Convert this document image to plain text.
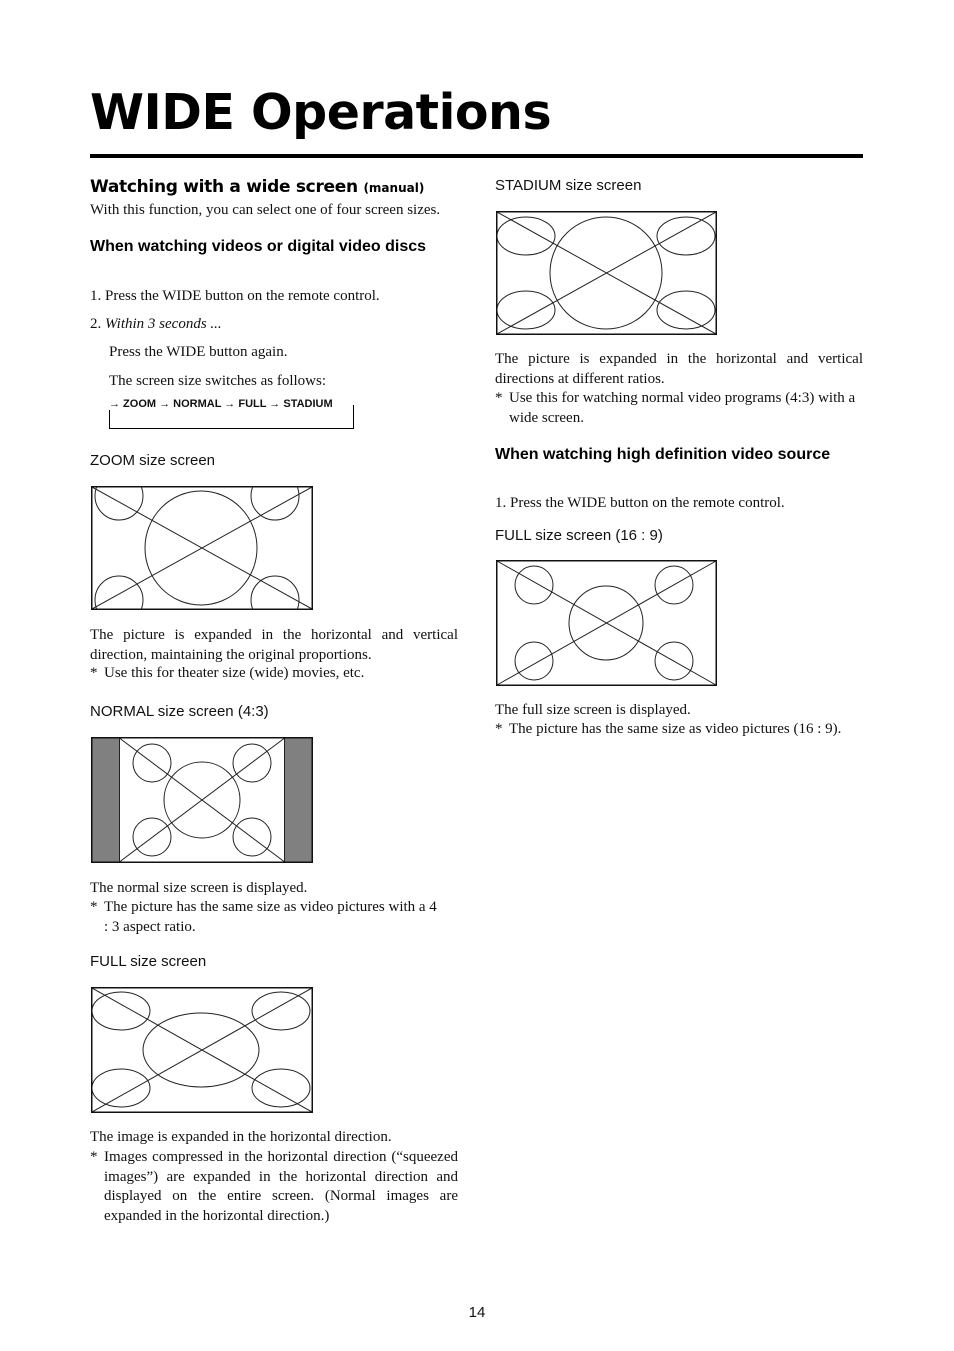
WIDE Operations
Watching with a wide screen (manual)
With this function, you can select one of four screen sizes.
When watching videos or digital video discs
1. Press the WIDE button on the remote control.
2. Within 3 seconds ...
Press the WIDE button again.
The screen size switches as follows:
→ ZOOM → NORMAL → FULL → STADIUM
ZOOM size screen
The picture is expanded in the horizontal and vertical direction, maintaining the original proportions.
* Use this for theater size (wide) movies, etc.
NORMAL size screen (4:3)
The normal size screen is displayed.
* The picture has the same size as video pictures with a 4 : 3 aspect ratio.
FULL size screen
The image is expanded in the horizontal direction.
* Images compressed in the horizontal direction (“squeezed images”) are expanded in the horizontal direction and displayed on the entire screen. (Normal images are expanded in the horizontal direction.)
STADIUM size screen
The picture is expanded in the horizontal and vertical directions at different ratios.
* Use this for watching normal video programs (4:3) with a wide screen.
When watching high definition video source
1. Press the WIDE button on the remote control.
FULL size screen (16 : 9)
The full size screen is displayed.
* The picture has the same size as video pictures (16 : 9).
14
